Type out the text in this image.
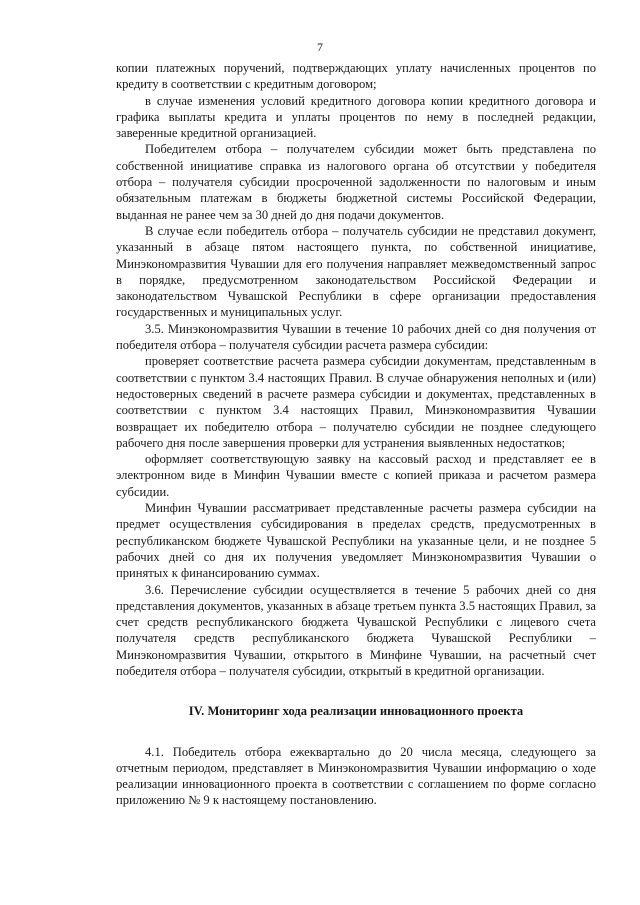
7

копии платежных поручений, подтверждающих уплату начисленных процентов по кредиту в соответствии с кредитным договором;

в случае изменения условий кредитного договора копии кредитного договора и графика выплаты кредита и уплаты процентов по нему в последней редакции, заверенные кредитной организацией.

Победителем отбора – получателем субсидии может быть представлена по собственной инициативе справка из налогового органа об отсутствии у победителя отбора – получателя субсидии просроченной задолженности по налоговым и иным обязательным платежам в бюджеты бюджетной системы Российской Федерации, выданная не ранее чем за 30 дней до дня подачи документов.

В случае если победитель отбора – получатель субсидии не представил документ, указанный в абзаце пятом настоящего пункта, по собственной инициативе, Минэкономразвития Чувашии для его получения направляет межведомственный запрос в порядке, предусмотренном законодательством Российской Федерации и законодательством Чувашской Республики в сфере организации предоставления государственных и муниципальных услуг.

3.5. Минэкономразвития Чувашии в течение 10 рабочих дней со дня получения от победителя отбора – получателя субсидии расчета размера субсидии:

проверяет соответствие расчета размера субсидии документам, представленным в соответствии с пунктом 3.4 настоящих Правил. В случае обнаружения неполных и (или) недостоверных сведений в расчете размера субсидии и документах, представленных в соответствии с пунктом 3.4 настоящих Правил, Минэкономразвития Чувашии возвращает их победителю отбора – получателю субсидии не позднее следующего рабочего дня после завершения проверки для устранения выявленных недостатков;

оформляет соответствующую заявку на кассовый расход и представляет ее в электронном виде в Минфин Чувашии вместе с копией приказа и расчетом размера субсидии.

Минфин Чувашии рассматривает представленные расчеты размера субсидии на предмет осуществления субсидирования в пределах средств, предусмотренных в республиканском бюджете Чувашской Республики на указанные цели, и не позднее 5 рабочих дней со дня их получения уведомляет Минэкономразвития Чувашии о принятых к финансированию суммах.

3.6. Перечисление субсидии осуществляется в течение 5 рабочих дней со дня представления документов, указанных в абзаце третьем пункта 3.5 настоящих Правил, за счет средств республиканского бюджета Чувашской Республики с лицевого счета получателя средств республиканского бюджета Чувашской Республики – Минэкономразвития Чувашии, открытого в Минфине Чувашии, на расчетный счет победителя отбора – получателя субсидии, открытый в кредитной организации.

IV. Мониторинг хода реализации инновационного проекта

4.1. Победитель отбора ежеквартально до 20 числа месяца, следующего за отчетным периодом, представляет в Минэкономразвития Чувашии информацию о ходе реализации инновационного проекта в соответствии с соглашением по форме согласно приложению № 9 к настоящему постановлению.
